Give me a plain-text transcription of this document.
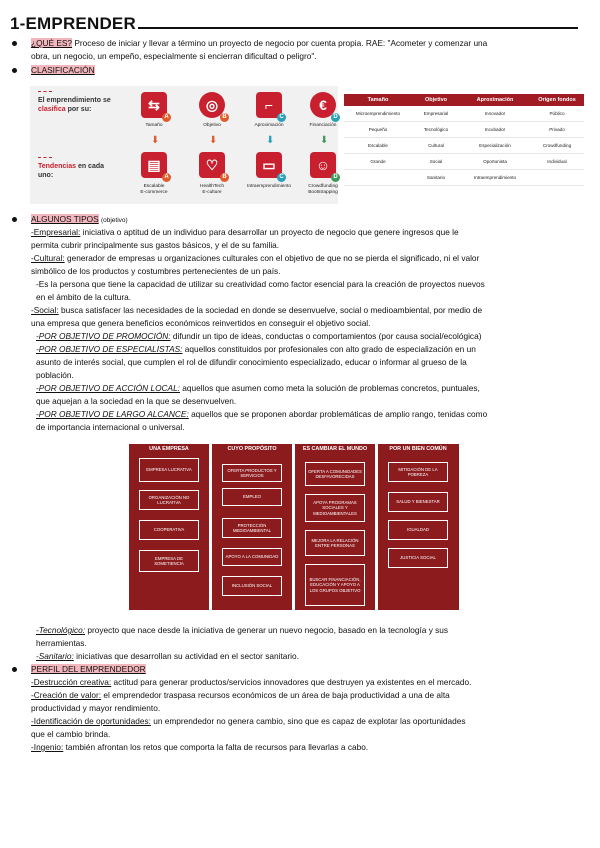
1-EMPRENDER
¿QUÉ ES? Proceso de iniciar y llevar a término un proyecto de negocio por cuenta propia. RAE: "Acometer y comenzar una
obra, un negocio, un empeño, especialmente si encierran dificultad o peligro".
CLASIFICACIÓN
El emprendimiento se clasifica por su:
Tendencias en cada uno:
⇆
A
◎
B
⌐
C
€
D
Tamaño	Objetivo	Aproximación	Financiación
⬇	⬇	⬇	⬇
▤
A
♡
B
▭
C
☺
D
Escalable
E-commerce
HealthTech
E-culture
Intraemprendimiento	Crowdfunding
Bootstrapping
Tamaño	Objetivo	Aproximación	Origen fondos
Microemprendimiento	Empresarial	Innovador	Público
Pequeño	Tecnológico	Incubador	Privado
Escalable	Cultural	Especialización	Crowdfunding
Grande	Social	Oportunista	Individual
	Sanitario	Intraemprendimiento	
ALGUNOS TIPOS (objetivo)
-Empresarial: iniciativa o aptitud de un individuo para desarrollar un proyecto de negocio que genere ingresos que le
permita cubrir principalmente sus gastos básicos, y el de su familia.
-Cultural: generador de empresas u organizaciones culturales con el objetivo de que no se pierda el significado, ni el valor
simbólico de los productos y costumbres pertenecientes de un país.
-Es la persona que tiene la capacidad de utilizar su creatividad como factor esencial para la creación de proyectos nuevos
en el ámbito de la cultura.
-Social: busca satisfacer las necesidades de la sociedad en donde se desenvuelve, social o medioambiental, por medio de
una empresa que genera beneficios económicos reinvertidos en conseguir el objetivo social.
-POR OBJETIVO DE PROMOCIÓN: difundir un tipo de ideas, conductas o comportamientos (por causa social/ecológica)
-POR OBJETIVO DE ESPECIALISTAS: aquellos constituidos por profesionales con alto grado de especialización en un
asunto de interés social, que cumplen el rol de difundir conocimiento especializado, educar o informar al grueso de la
población.
-POR OBJETIVO DE ACCIÓN LOCAL: aquellos que asumen como meta la solución de problemas concretos, puntuales,
que aquejan a la sociedad en la que se desenvuelven.
-POR OBJETIVO DE LARGO ALCANCE: aquellos que se proponen abordar problemáticas de amplio rango, tenidas como
de importancia internacional o universal.
UNA EMPRESA
EMPRESA LUCRATIVA
ORGANIZACIÓN NO LUCRATIVA
COOPERATIVA
EMPRESA DE SOMETIENCIA
CUYO PROPÓSITO
OFERTA PRODUCTOS Y SERVICIOS
EMPLEO
PROTECCIÓN MEDIOAMBIENTAL
APOYO A LA COMUNIDAD
INCLUSIÓN SOCIAL
ES CAMBIAR EL MUNDO
OFERTA A COMUNIDADES DESFAVORECIDAS
APOYA PROGRAMAS SOCIALES Y MEDIOAMBIENTALES
MEJORA LA RELACIÓN ENTRE PERSONAS
BUSCAR FINANCIACIÓN, EDUCACIÓN Y APOYO A LOS GRUPOS OBJETIVO
POR UN BIEN COMÚN
MITIGACIÓN DE LA POBREZA
SALUD Y BIENESTAR
IGUALDAD
JUSTICIA SOCIAL
-Tecnológico: proyecto que nace desde la iniciativa de generar un nuevo negocio, basado en la tecnología y sus
herramientas.
-Sanitario: iniciativas que desarrollan su actividad en el sector sanitario.
PERFIL DEL EMPRENDEDOR
-Destrucción creativa: actitud para generar productos/servicios innovadores que destruyen ya existentes en el mercado.
-Creación de valor: el emprendedor traspasa recursos económicos de un área de baja productividad a una de alta
productividad y mayor rendimiento.
-Identificación de oportunidades: un emprendedor no genera cambio, sino que es capaz de explotar las oportunidades
que el cambio brinda.
-Ingenio: también afrontan los retos que comporta la falta de recursos para llevarlas a cabo.
